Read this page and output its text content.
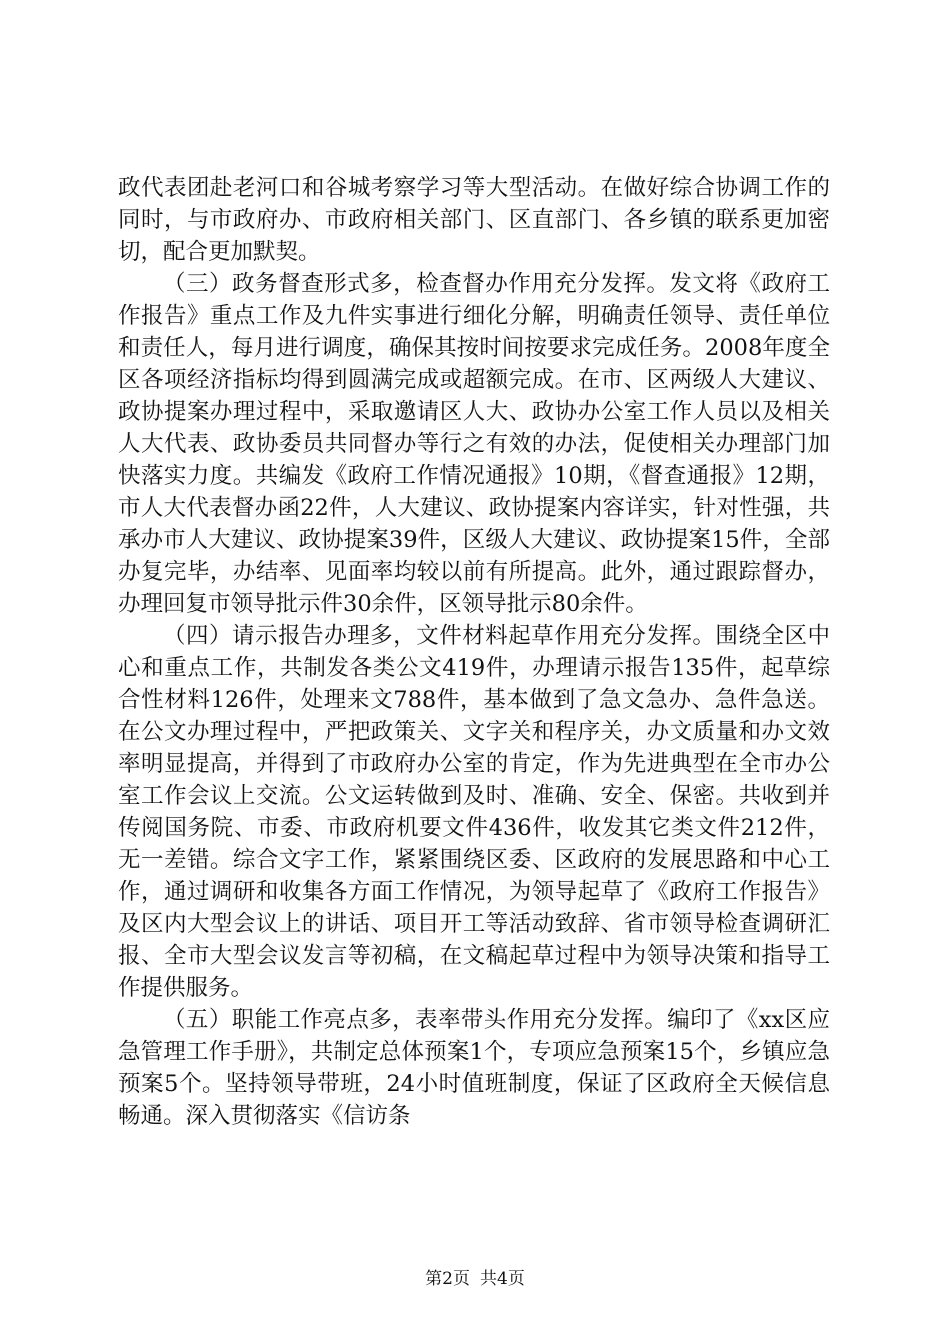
政代表团赴老河口和谷城考察学习等大型活动。在做好综合协调工作的同时，与市政府办、市政府相关部门、区直部门、各乡镇的联系更加密切，配合更加默契。

（三）政务督查形式多，检查督办作用充分发挥。发文将《政府工作报告》重点工作及九件实事进行细化分解，明确责任领导、责任单位和责任人，每月进行调度，确保其按时间按要求完成任务。2008年度全区各项经济指标均得到圆满完成或超额完成。在市、区两级人大建议、政协提案办理过程中，采取邀请区人大、政协办公室工作人员以及相关人大代表、政协委员共同督办等行之有效的办法，促使相关办理部门加快落实力度。共编发《政府工作情况通报》10期，《督查通报》12期，市人大代表督办函22件，人大建议、政协提案内容详实，针对性强，共承办市人大建议、政协提案39件，区级人大建议、政协提案15件，全部办复完毕，办结率、见面率均较以前有所提高。此外，通过跟踪督办，办理回复市领导批示件30余件，区领导批示80余件。

（四）请示报告办理多，文件材料起草作用充分发挥。围绕全区中心和重点工作，共制发各类公文419件，办理请示报告135件，起草综合性材料126件，处理来文788件，基本做到了急文急办、急件急送。在公文办理过程中，严把政策关、文字关和程序关，办文质量和办文效率明显提高，并得到了市政府办公室的肯定，作为先进典型在全市办公室工作会议上交流。公文运转做到及时、准确、安全、保密。共收到并传阅国务院、市委、市政府机要文件436件，收发其它类文件212件，无一差错。综合文字工作，紧紧围绕区委、区政府的发展思路和中心工作，通过调研和收集各方面工作情况，为领导起草了《政府工作报告》及区内大型会议上的讲话、项目开工等活动致辞、省市领导检查调研汇报、全市大型会议发言等初稿，在文稿起草过程中为领导决策和指导工作提供服务。

（五）职能工作亮点多，表率带头作用充分发挥。编印了《xx区应急管理工作手册》，共制定总体预案1个，专项应急预案15个，乡镇应急预案5个。坚持领导带班，24小时值班制度，保证了区政府全天候信息畅通。深入贯彻落实《信访条

第2页 共4页
